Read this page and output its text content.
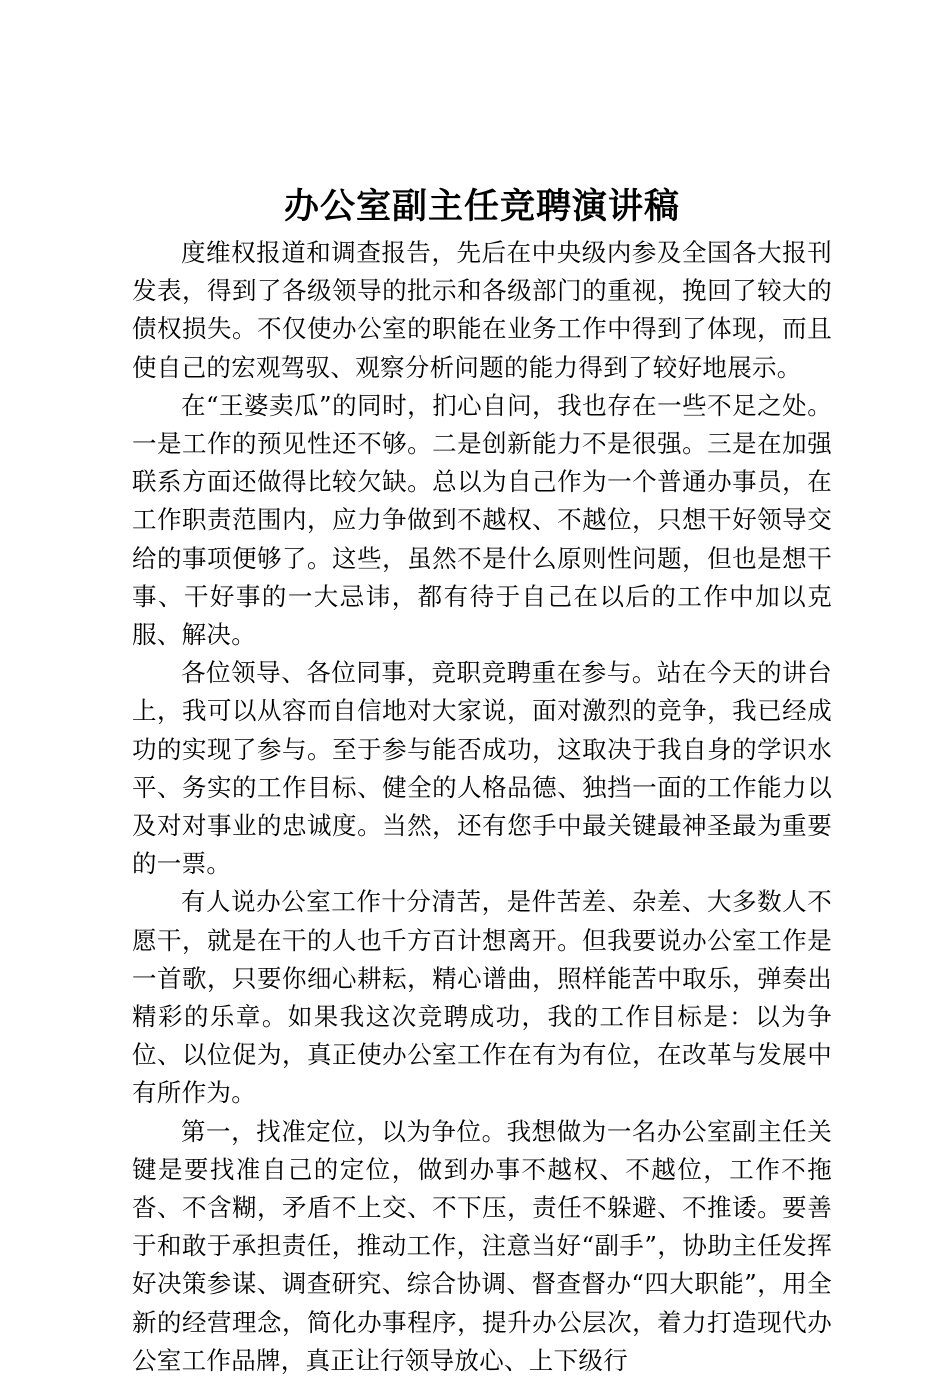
办公室副主任竞聘演讲稿

度维权报道和调查报告，先后在中央级内参及全国各大报刊发表，得到了各级领导的批示和各级部门的重视，挽回了较大的债权损失。不仅使办公室的职能在业务工作中得到了体现，而且使自己的宏观驾驭、观察分析问题的能力得到了较好地展示。

在“王婆卖瓜”的同时，扪心自问，我也存在一些不足之处。一是工作的预见性还不够。二是创新能力不是很强。三是在加强联系方面还做得比较欠缺。总以为自己作为一个普通办事员，在工作职责范围内，应力争做到不越权、不越位，只想干好领导交给的事项便够了。这些，虽然不是什么原则性问题，但也是想干事、干好事的一大忌讳，都有待于自己在以后的工作中加以克服、解决。

各位领导、各位同事，竞职竞聘重在参与。站在今天的讲台上，我可以从容而自信地对大家说，面对激烈的竞争，我已经成功的实现了参与。至于参与能否成功，这取决于我自身的学识水平、务实的工作目标、健全的人格品德、独挡一面的工作能力以及对对事业的忠诚度。当然，还有您手中最关键最神圣最为重要的一票。

有人说办公室工作十分清苦，是件苦差、杂差、大多数人不愿干，就是在干的人也千方百计想离开。但我要说办公室工作是一首歌，只要你细心耕耘，精心谱曲，照样能苦中取乐，弹奏出精彩的乐章。如果我这次竞聘成功，我的工作目标是：以为争位、以位促为，真正使办公室工作在有为有位，在改革与发展中有所作为。

第一，找准定位，以为争位。我想做为一名办公室副主任关键是要找准自己的定位，做到办事不越权、不越位，工作不拖沓、不含糊，矛盾不上交、不下压，责任不躲避、不推诿。要善于和敢于承担责任，推动工作，注意当好“副手”，协助主任发挥好决策参谋、调查研究、综合协调、督查督办“四大职能”，用全新的经营理念，简化办事程序，提升办公层次，着力打造现代办公室工作品牌，真正让行领导放心、上下级行
